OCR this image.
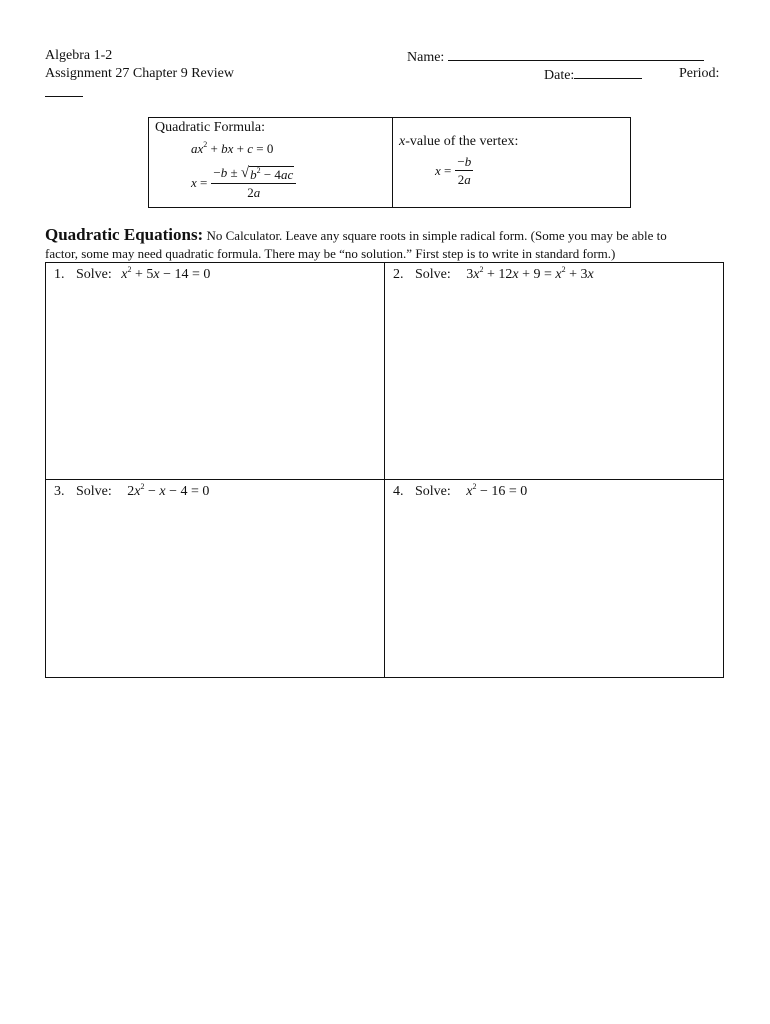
Algebra 1-2
Assignment 27 Chapter 9 Review
Name:
Date:	Period:
Quadratic Formula:
$ax^2$ + bx + c = 0
$x = \frac{-b \pm √ b^2 - 4ac}{2a}$
x-value of the vertex:
$x = \frac{-b}{2a}$
Quadratic Equations: No Calculator. Leave any square roots in simple radical form. (Some you may be able to
factor, some may need quadratic formula. There may be “no solution.” First step is to write in standard form.)
1. Solve: $x^2 + 5x - 14 = 0$	2. Solve: $3x^2 + 12x + 9 = x^2 + 3x$
3. Solve: $2x^2 - x - 4 = 0$	4. Solve: $x^2 - 16 = 0$
